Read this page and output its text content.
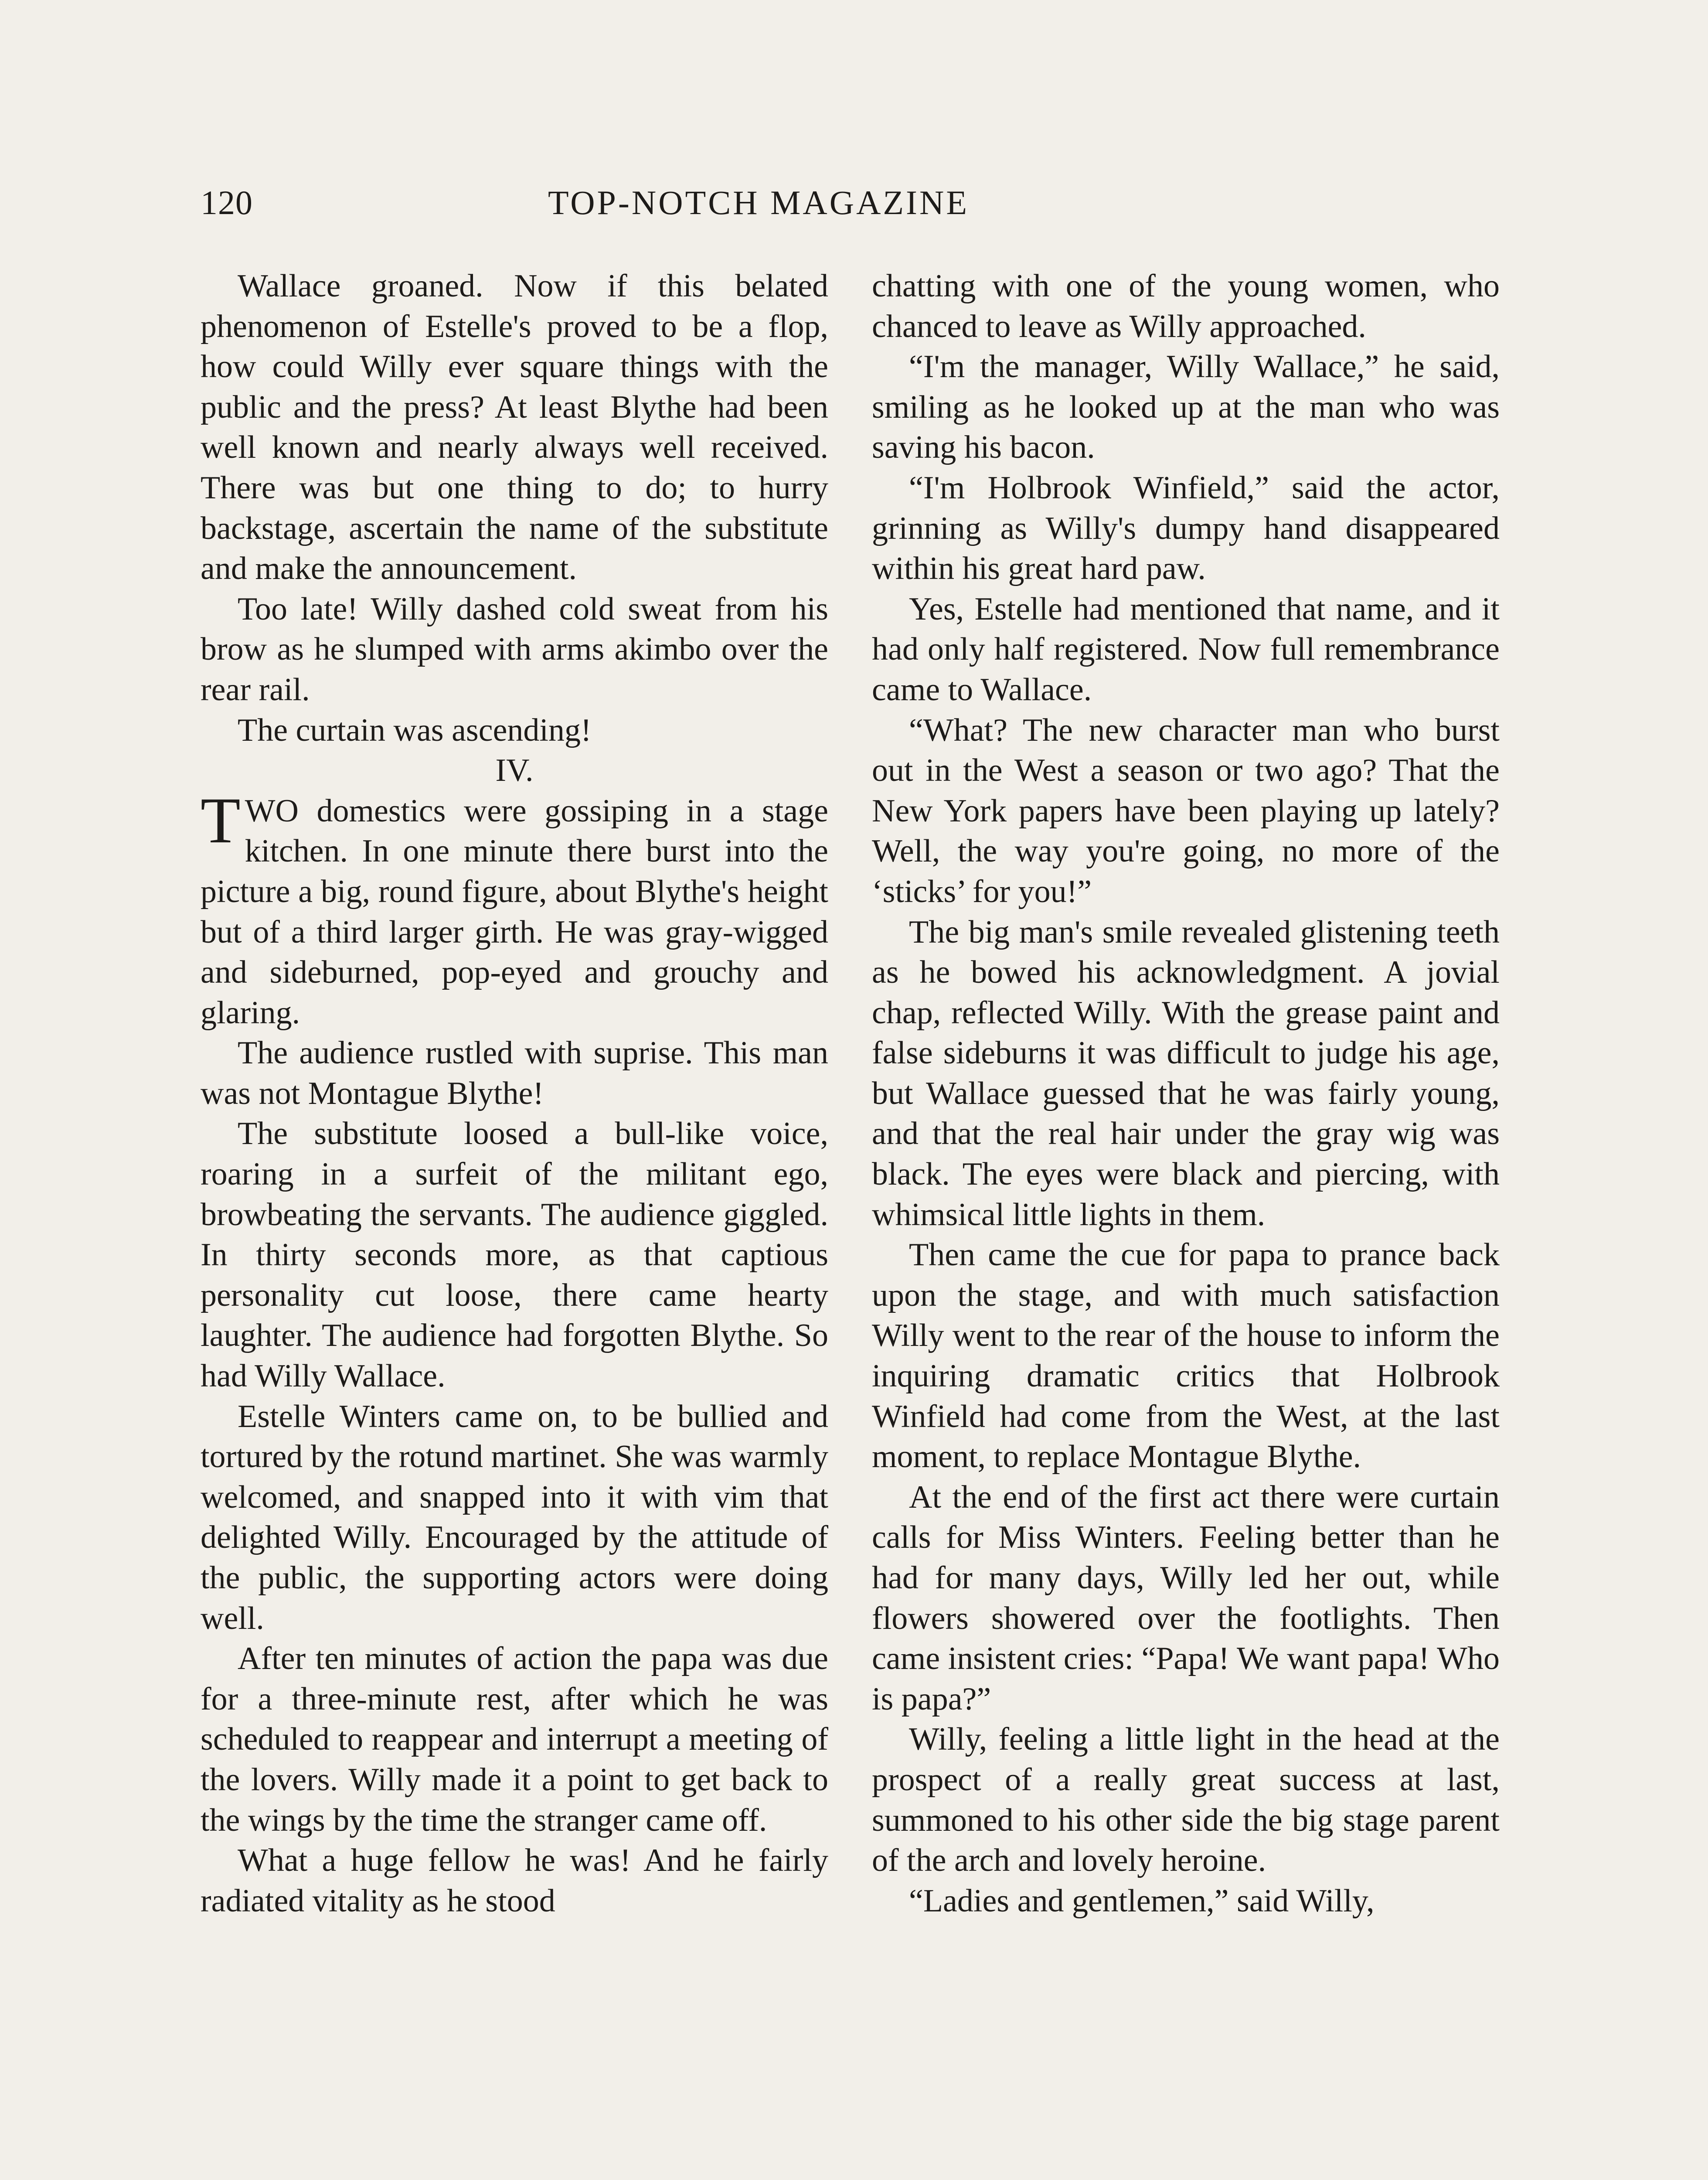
120	TOP-NOTCH MAGAZINE

Wallace groaned. Now if this belated phenomenon of Estelle's proved to be a flop, how could Willy ever square things with the public and the press? At least Blythe had been well known and nearly always well received. There was but one thing to do; to hurry backstage, ascertain the name of the substitute and make the announcement.

Too late! Willy dashed cold sweat from his brow as he slumped with arms akimbo over the rear rail.

The curtain was ascending!

IV.

TWO domestics were gossiping in a stage kitchen. In one minute there burst into the picture a big, round figure, about Blythe's height but of a third larger girth. He was gray-wigged and sideburned, pop-eyed and grouchy and glaring.

The audience rustled with suprise. This man was not Montague Blythe!

The substitute loosed a bull-like voice, roaring in a surfeit of the militant ego, browbeating the servants. The audience giggled. In thirty seconds more, as that captious personality cut loose, there came hearty laughter. The audience had forgotten Blythe. So had Willy Wallace.

Estelle Winters came on, to be bullied and tortured by the rotund martinet. She was warmly welcomed, and snapped into it with vim that delighted Willy. Encouraged by the attitude of the public, the supporting actors were doing well.

After ten minutes of action the papa was due for a three-minute rest, after which he was scheduled to reappear and interrupt a meeting of the lovers. Willy made it a point to get back to the wings by the time the stranger came off.

What a huge fellow he was! And he fairly radiated vitality as he stood

chatting with one of the young women, who chanced to leave as Willy approached.

“I'm the manager, Willy Wallace,” he said, smiling as he looked up at the man who was saving his bacon.

“I'm Holbrook Winfield,” said the actor, grinning as Willy's dumpy hand disappeared within his great hard paw.

Yes, Estelle had mentioned that name, and it had only half registered. Now full remembrance came to Wallace.

“What? The new character man who burst out in the West a season or two ago? That the New York papers have been playing up lately? Well, the way you're going, no more of the ‘sticks’ for you!”

The big man's smile revealed glistening teeth as he bowed his acknowledgment. A jovial chap, reflected Willy. With the grease paint and false sideburns it was difficult to judge his age, but Wallace guessed that he was fairly young, and that the real hair under the gray wig was black. The eyes were black and piercing, with whimsical little lights in them.

Then came the cue for papa to prance back upon the stage, and with much satisfaction Willy went to the rear of the house to inform the inquiring dramatic critics that Holbrook Winfield had come from the West, at the last moment, to replace Montague Blythe.

At the end of the first act there were curtain calls for Miss Winters. Feeling better than he had for many days, Willy led her out, while flowers showered over the footlights. Then came insistent cries: “Papa! We want papa! Who is papa?”

Willy, feeling a little light in the head at the prospect of a really great success at last, summoned to his other side the big stage parent of the arch and lovely heroine.

“Ladies and gentlemen,” said Willy,
